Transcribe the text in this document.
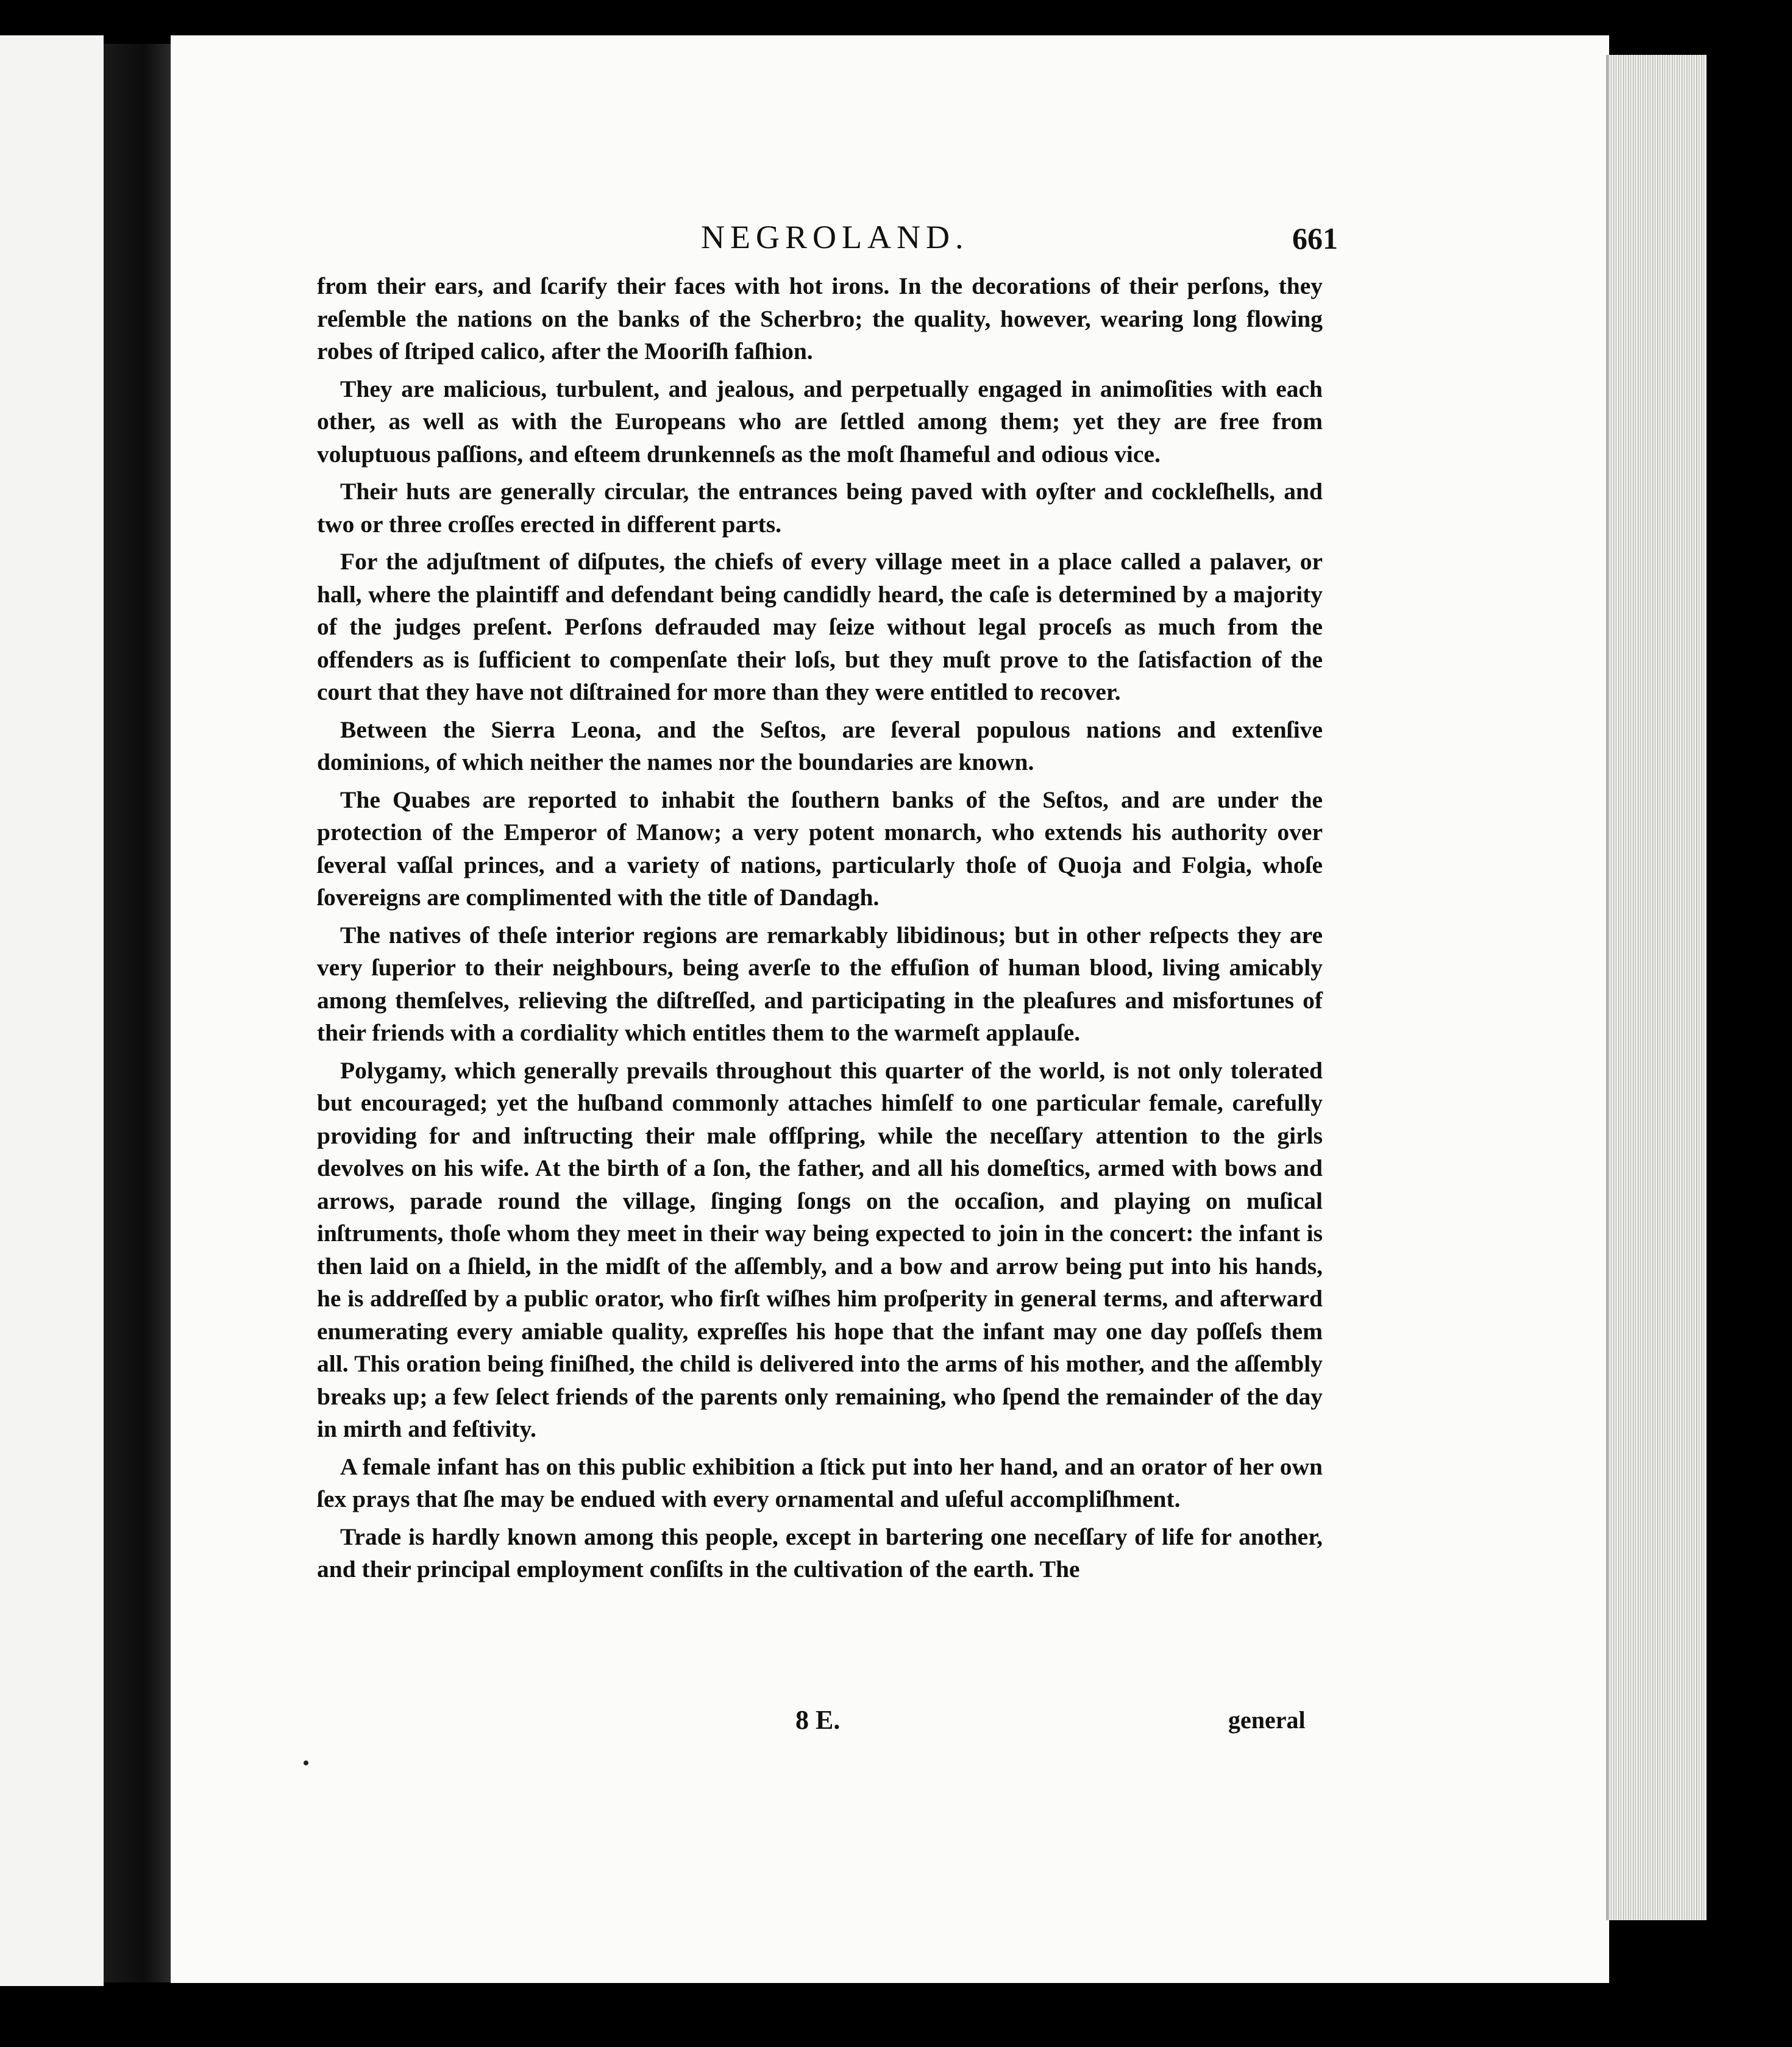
NEGROLAND.	661

from their ears, and ſcarify their faces with hot irons. In the decorations of their perſons, they reſemble the nations on the banks of the Scherbro; the quality, however, wearing long flowing robes of ſtriped calico, after the Mooriſh faſhion.

They are malicious, turbulent, and jealous, and perpetually engaged in animoſities with each other, as well as with the Europeans who are ſettled among them; yet they are free from voluptuous paſſions, and eſteem drunkenneſs as the moſt ſhameful and odious vice.

Their huts are generally circular, the entrances being paved with oyſter and cockleſhells, and two or three croſſes erected in different parts.

For the adjuſtment of diſputes, the chiefs of every village meet in a place called a palaver, or hall, where the plaintiff and defendant being candidly heard, the caſe is determined by a majority of the judges preſent. Perſons defrauded may ſeize without legal proceſs as much from the offenders as is ſufficient to compenſate their loſs, but they muſt prove to the ſatisfaction of the court that they have not diſtrained for more than they were entitled to recover.

Between the Sierra Leona, and the Seſtos, are ſeveral populous nations and extenſive dominions, of which neither the names nor the boundaries are known.

The Quabes are reported to inhabit the ſouthern banks of the Seſtos, and are under the protection of the Emperor of Manow; a very potent monarch, who extends his authority over ſeveral vaſſal princes, and a variety of nations, particularly thoſe of Quoja and Folgia, whoſe ſovereigns are complimented with the title of Dandagh.

The natives of theſe interior regions are remarkably libidinous; but in other reſpects they are very ſuperior to their neighbours, being averſe to the effuſion of human blood, living amicably among themſelves, relieving the diſtreſſed, and participating in the pleaſures and misfortunes of their friends with a cordiality which entitles them to the warmeſt applauſe.

Polygamy, which generally prevails throughout this quarter of the world, is not only tolerated but encouraged; yet the huſband commonly attaches himſelf to one particular female, carefully providing for and inſtructing their male offſpring, while the neceſſary attention to the girls devolves on his wife. At the birth of a ſon, the father, and all his domeſtics, armed with bows and arrows, parade round the village, ſinging ſongs on the occaſion, and playing on muſical inſtruments, thoſe whom they meet in their way being expected to join in the concert: the infant is then laid on a ſhield, in the midſt of the aſſembly, and a bow and arrow being put into his hands, he is addreſſed by a public orator, who firſt wiſhes him proſperity in general terms, and afterward enumerating every amiable quality, expreſſes his hope that the infant may one day poſſeſs them all. This oration being finiſhed, the child is delivered into the arms of his mother, and the aſſembly breaks up; a few ſelect friends of the parents only remaining, who ſpend the remainder of the day in mirth and feſtivity.

A female infant has on this public exhibition a ſtick put into her hand, and an orator of her own ſex prays that ſhe may be endued with every ornamental and uſeful accompliſhment.

Trade is hardly known among this people, except in bartering one neceſſary of life for another, and their principal employment conſiſts in the cultivation of the earth. The

8 E.	general
